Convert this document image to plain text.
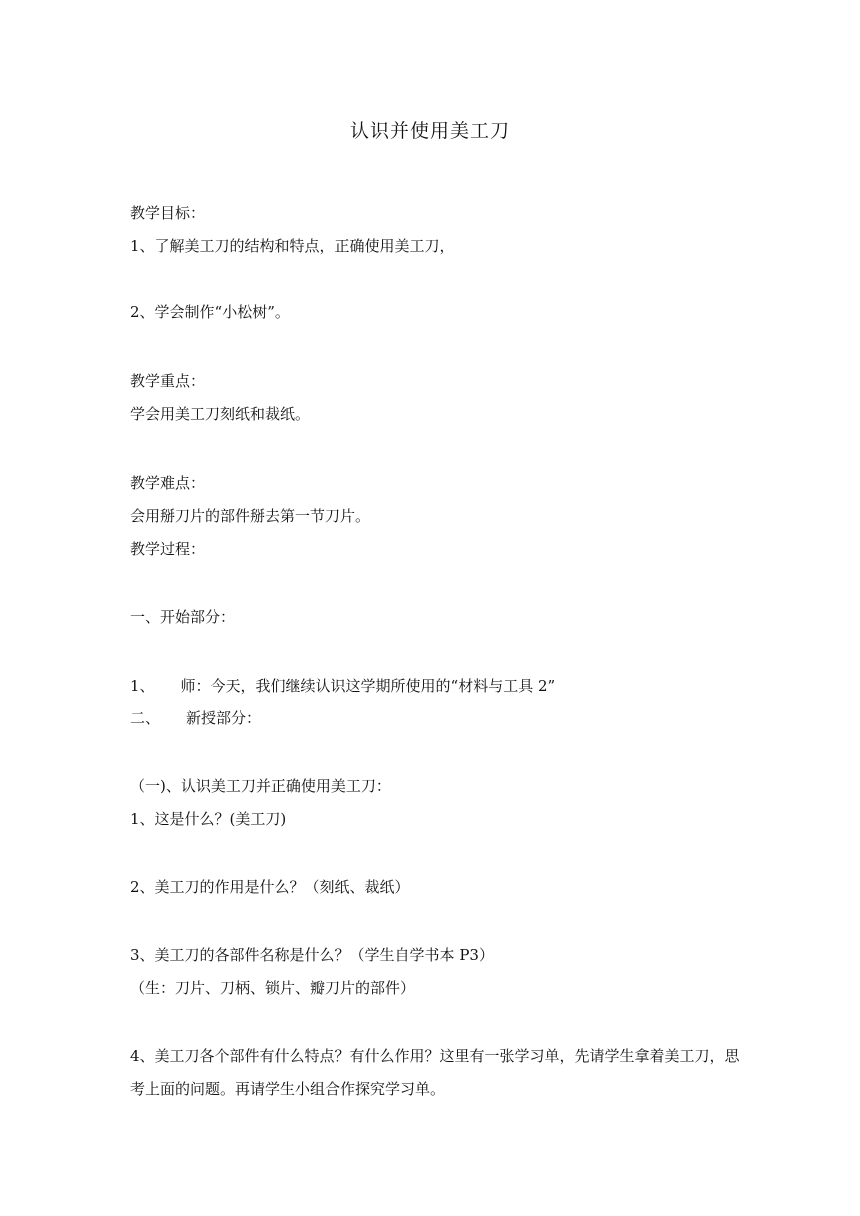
认识并使用美工刀
教学目标：
1、了解美工刀的结构和特点，正确使用美工刀，
2、学会制作“小松树”。
教学重点：
学会用美工刀刻纸和裁纸。
教学难点：
会用掰刀片的部件掰去第一节刀片。
教学过程：
一、开始部分：
1、 师：今天，我们继续认识这学期所使用的“材料与工具 2”
二、 新授部分：
（一)、认识美工刀并正确使用美工刀：
1、这是什么？(美工刀)
2、美工刀的作用是什么？（刻纸、裁纸）
3、美工刀的各部件名称是什么？（学生自学书本 P3）
（生：刀片、刀柄、锁片、瓣刀片的部件）
4、美工刀各个部件有什么特点？有什么作用？这里有一张学习单，先请学生拿着美工刀，思考上面的问题。再请学生小组合作探究学习单。
